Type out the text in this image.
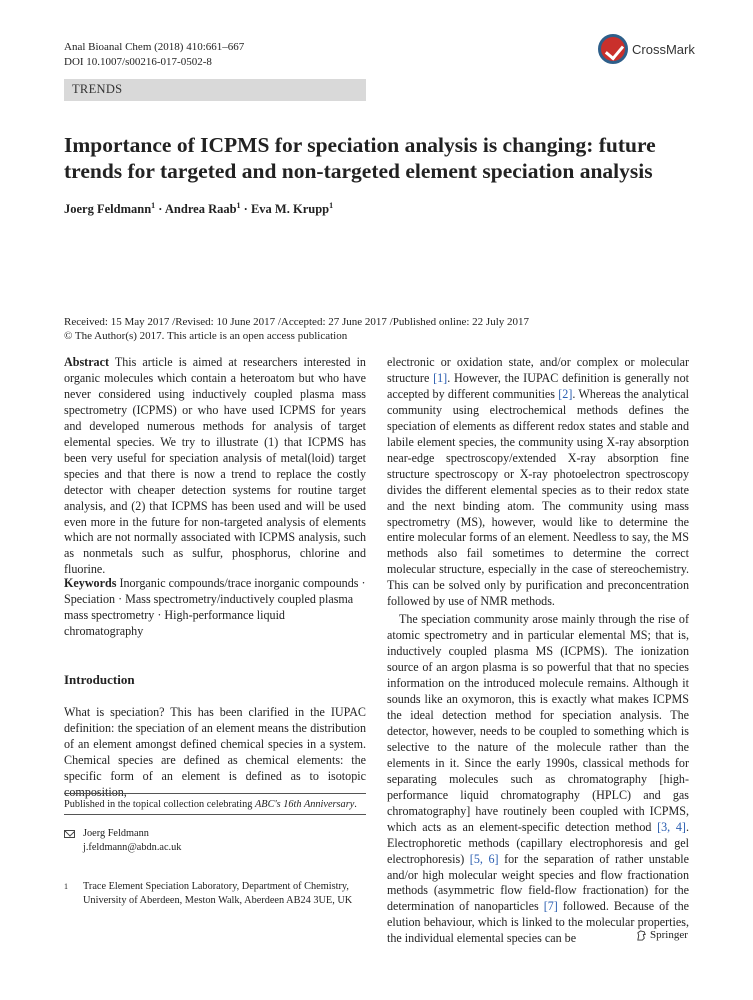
Anal Bioanal Chem (2018) 410:661–667
DOI 10.1007/s00216-017-0502-8
CrossMark
TRENDS
Importance of ICPMS for speciation analysis is changing: future trends for targeted and non-targeted element speciation analysis
Joerg Feldmann$^1$ · Andrea Raab$^1$ · Eva M. Krupp$^1$
Received: 15 May 2017 /Revised: 10 June 2017 /Accepted: 27 June 2017 /Published online: 22 July 2017
© The Author(s) 2017. This article is an open access publication

Abstract This article is aimed at researchers interested in organic molecules which contain a heteroatom but who have never considered using inductively coupled plasma mass spectrometry (ICPMS) or who have used ICPMS for years and developed numerous methods for analysis of target elemental species. We try to illustrate (1) that ICPMS has been very useful for speciation analysis of metal(loid) target species and that there is now a trend to replace the costly detector with cheaper detection systems for routine target analysis, and (2) that ICPMS has been used and will be used even more in the future for non-targeted analysis of elements which are not normally associated with ICPMS analysis, such as nonmetals such as sulfur, phosphorus, chlorine and fluorine.

Keywords Inorganic compounds/trace inorganic compounds · Speciation · Mass spectrometry/inductively coupled plasma mass spectrometry · High-performance liquid chromatography

Introduction
What is speciation? This has been clarified in the IUPAC definition: the speciation of an element means the distribution of an element amongst defined chemical species in a system. Chemical species are defined as chemical elements: the specific form of an element is defined as to isotopic composition,
Published in the topical collection celebrating ABC's 16th Anniversary.
Joerg Feldmann
j.feldmann@abdn.ac.uk
1	Trace Element Speciation Laboratory, Department of Chemistry, University of Aberdeen, Meston Walk, Aberdeen AB24 3UE, UK

electronic or oxidation state, and/or complex or molecular structure [1]. However, the IUPAC definition is generally not accepted by different communities [2]. Whereas the analytical community using electrochemical methods defines the speciation of elements as different redox states and stable and labile element species, the community using X-ray absorption near-edge spectroscopy/extended X-ray absorption fine structure spectroscopy or X-ray photoelectron spectroscopy divides the different elemental species as to their redox state and the next binding atom. The community using mass spectrometry (MS), however, would like to determine the entire molecular forms of an element. Needless to say, the MS methods also fail sometimes to determine the correct molecular structure, especially in the case of stereochemistry. This can be solved only by purification and preconcentration followed by use of NMR methods.

The speciation community arose mainly through the rise of atomic spectrometry and in particular elemental MS; that is, inductively coupled plasma MS (ICPMS). The ionization source of an argon plasma is so powerful that that no species information on the introduced molecule remains. Although it sounds like an oxymoron, this is exactly what makes ICPMS the ideal detection method for speciation analysis. The detector, however, needs to be coupled to something which is selective to the nature of the molecule rather than the elements in it. Since the early 1990s, classical methods for separating molecules such as chromatography [high-performance liquid chromatography (HPLC) and gas chromatography] have routinely been coupled with ICPMS, which acts as an element-specific detection method [3, 4]. Electrophoretic methods (capillary electrophoresis and gel electrophoresis) [5, 6] for the separation of rather unstable and/or high molecular weight species and flow fractionation methods (asymmetric flow field-flow fractionation) for the determination of nanoparticles [7] followed. Because of the elution behaviour, which is linked to the molecular properties, the individual elemental species can be	Springer
